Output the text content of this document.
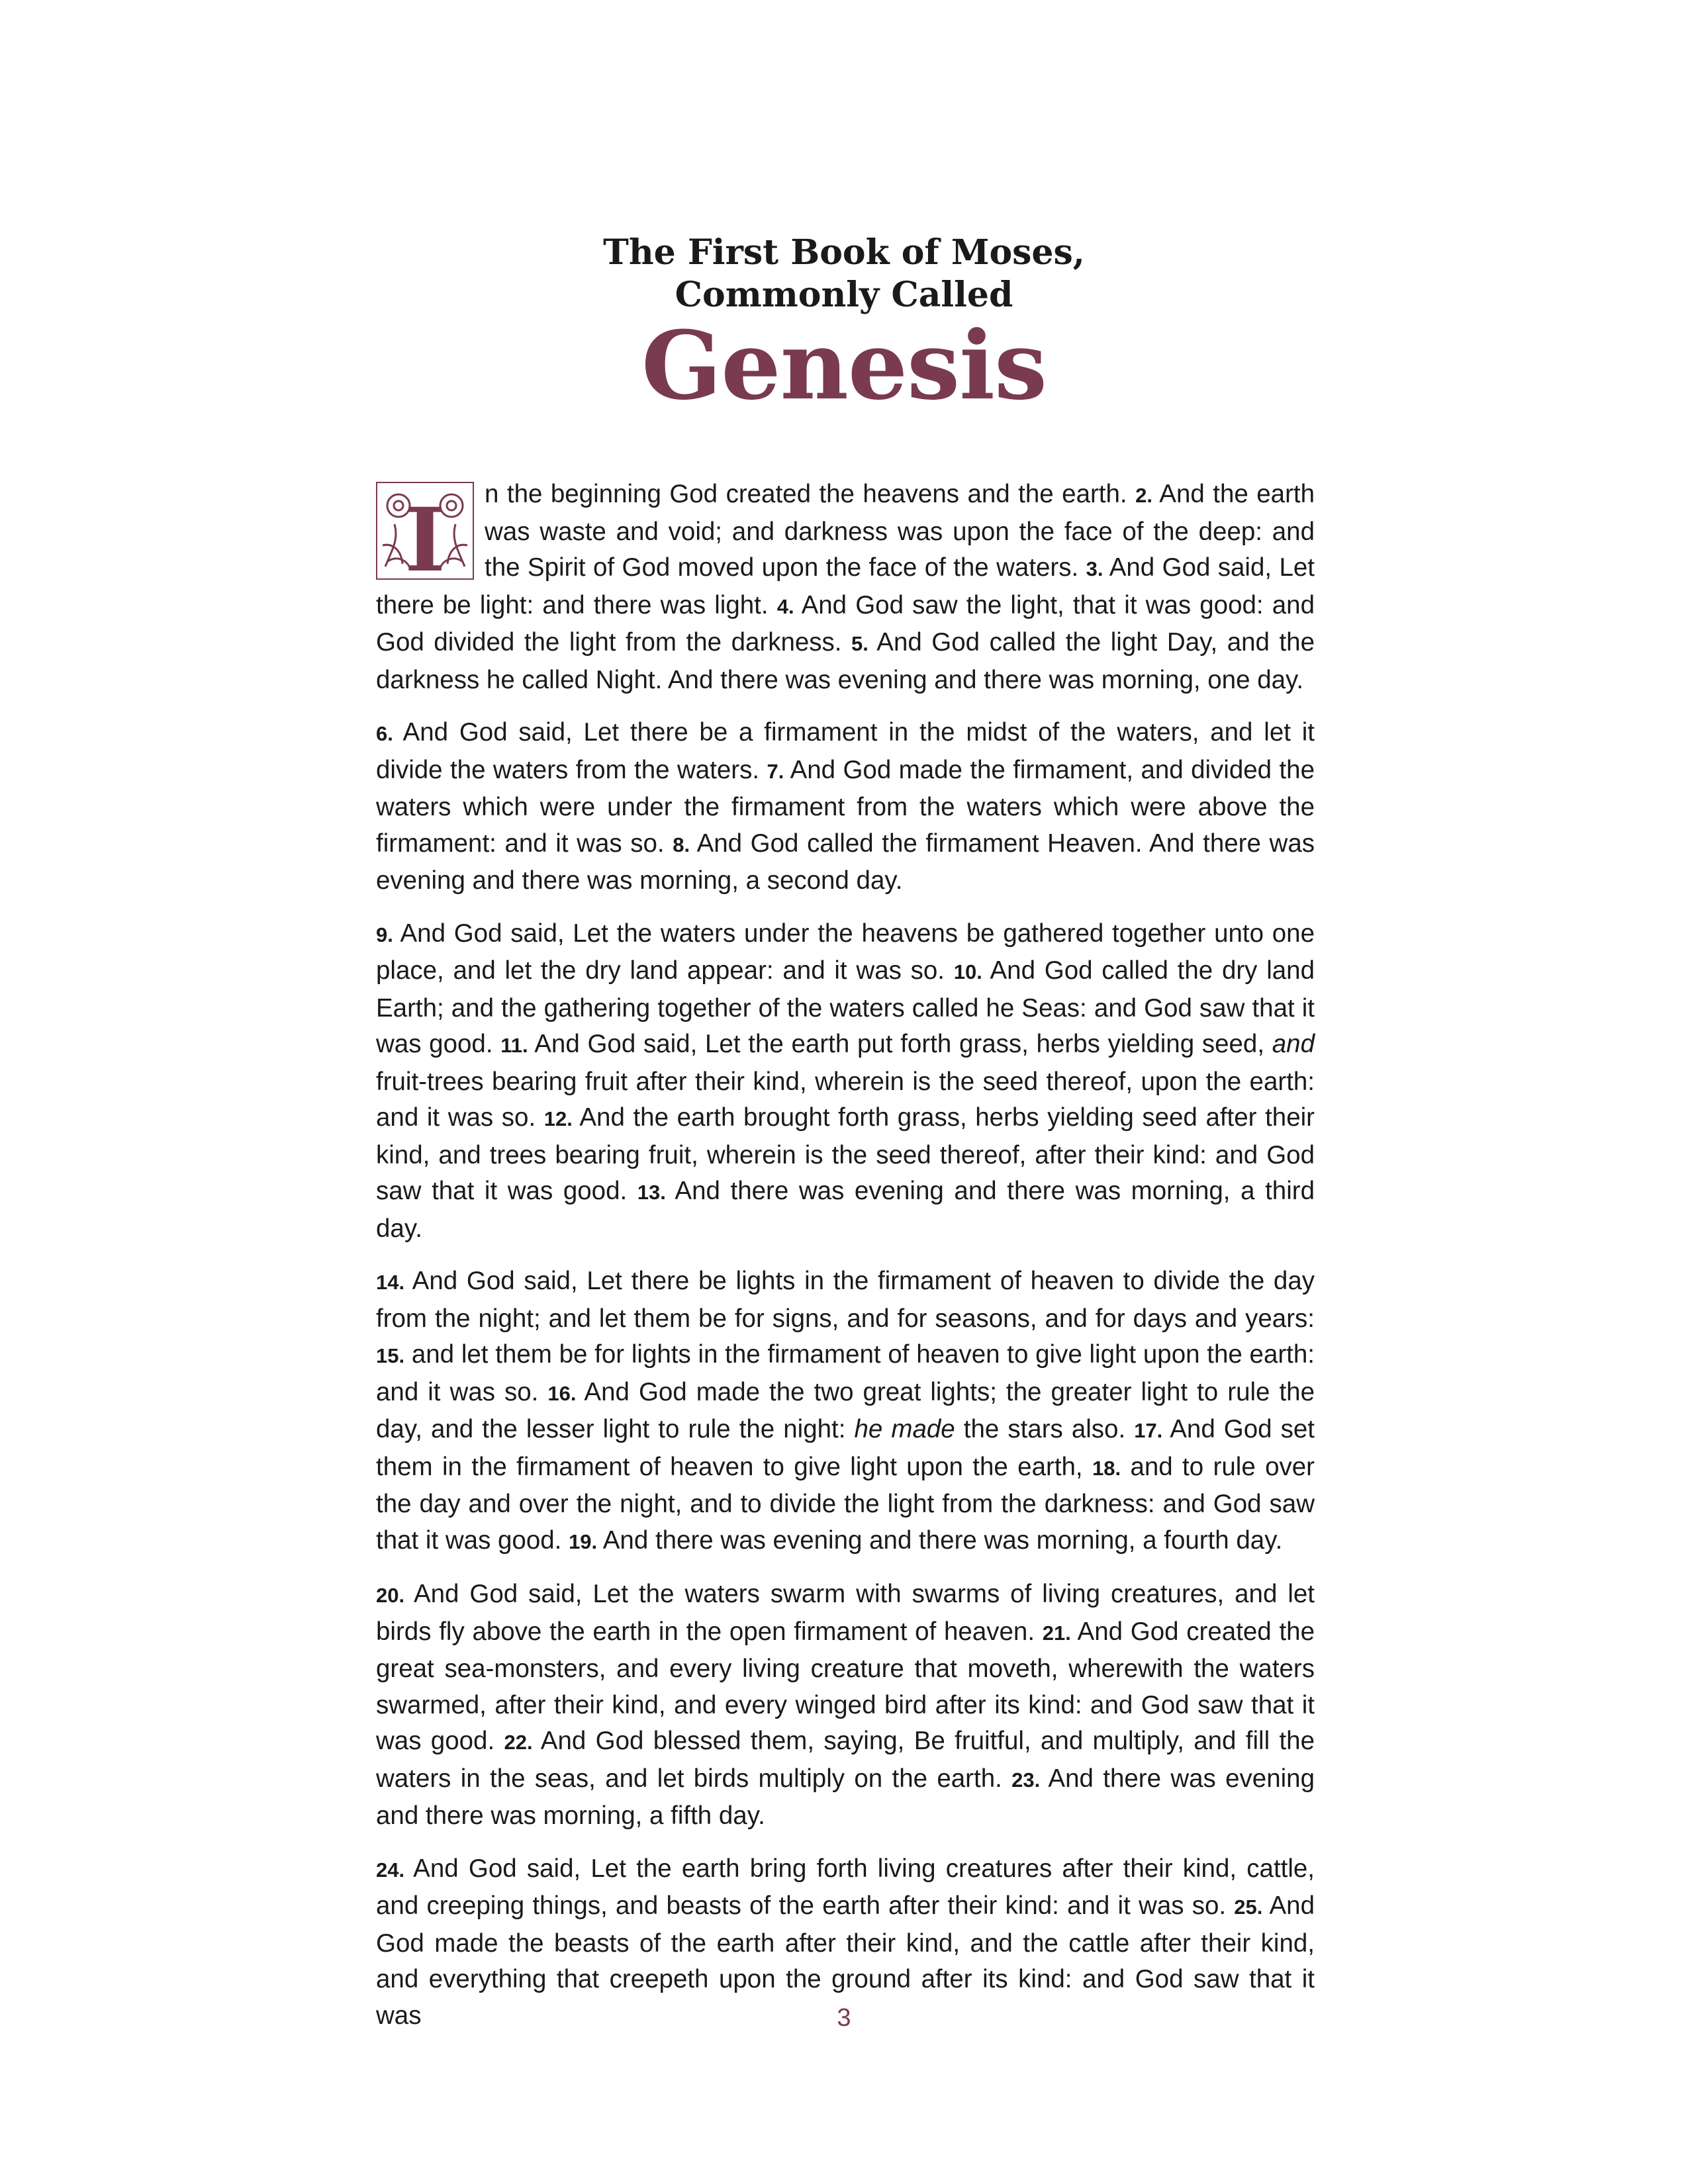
The First Book of Moses,
Commonly Called
Genesis

I n the beginning God created the heavens and the earth. 2. And the earth was waste and void; and darkness was upon the face of the deep: and the Spirit of God moved upon the face of the waters. 3. And God said, Let there be light: and there was light. 4. And God saw the light, that it was good: and God divided the light from the darkness. 5. And God called the light Day, and the darkness he called Night. And there was evening and there was morning, one day.

6. And God said, Let there be a firmament in the midst of the waters, and let it divide the waters from the waters. 7. And God made the firmament, and divided the waters which were under the firmament from the waters which were above the firmament: and it was so. 8. And God called the firmament Heaven. And there was evening and there was morning, a second day.

9. And God said, Let the waters under the heavens be gathered together unto one place, and let the dry land appear: and it was so. 10. And God called the dry land Earth; and the gathering together of the waters called he Seas: and God saw that it was good. 11. And God said, Let the earth put forth grass, herbs yielding seed, and fruit-trees bearing fruit after their kind, wherein is the seed thereof, upon the earth: and it was so. 12. And the earth brought forth grass, herbs yielding seed after their kind, and trees bearing fruit, wherein is the seed thereof, after their kind: and God saw that it was good. 13. And there was evening and there was morning, a third day.

14. And God said, Let there be lights in the firmament of heaven to divide the day from the night; and let them be for signs, and for seasons, and for days and years: 15. and let them be for lights in the firmament of heaven to give light upon the earth: and it was so. 16. And God made the two great lights; the greater light to rule the day, and the lesser light to rule the night: he made the stars also. 17. And God set them in the firmament of heaven to give light upon the earth, 18. and to rule over the day and over the night, and to divide the light from the darkness: and God saw that it was good. 19. And there was evening and there was morning, a fourth day.

20. And God said, Let the waters swarm with swarms of living creatures, and let birds fly above the earth in the open firmament of heaven. 21. And God created the great sea-monsters, and every living creature that moveth, wherewith the waters swarmed, after their kind, and every winged bird after its kind: and God saw that it was good. 22. And God blessed them, saying, Be fruitful, and multiply, and fill the waters in the seas, and let birds multiply on the earth. 23. And there was evening and there was morning, a fifth day.

24. And God said, Let the earth bring forth living creatures after their kind, cattle, and creeping things, and beasts of the earth after their kind: and it was so. 25. And God made the beasts of the earth after their kind, and the cattle after their kind, and everything that creepeth upon the ground after its kind: and God saw that it was	3
